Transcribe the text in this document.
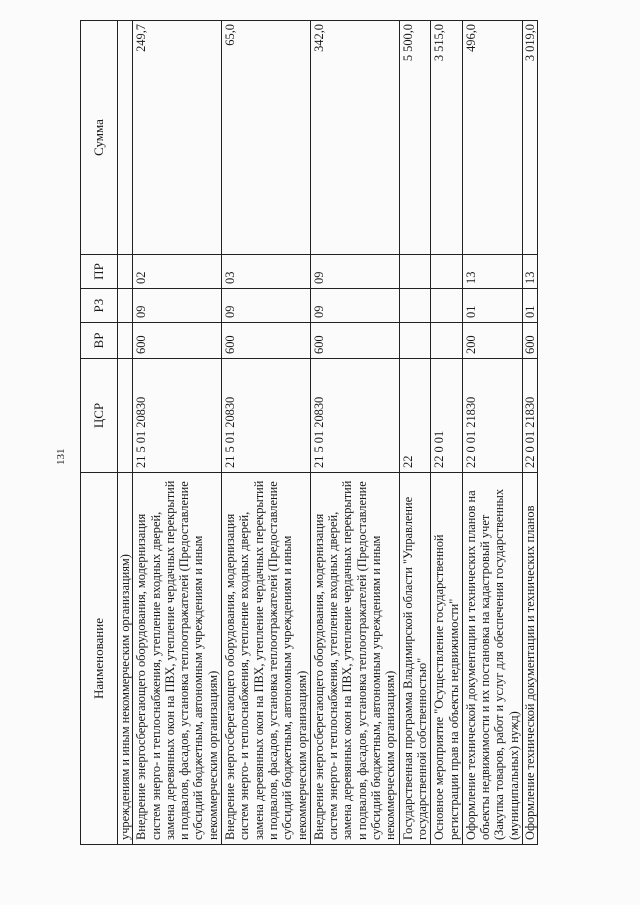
131
Наименование	ЦСР	ВР	РЗ	ПР	Сумма
учреждениям и иным некоммерческим организациям)					
Внедрение энергосберегающего оборудования, модернизация систем энерго- и теплоснабжения, утепление входных дверей, замена деревянных окон на ПВХ, утепление чердачных перекрытий и подвалов, фасадов, установка теплоотражателей (Предоставление субсидий бюджетным, автономным учреждениям и иным некоммерческим организациям)	21 5 01 20830	600	09	02	249,7
Внедрение энергосберегающего оборудования, модернизация систем энерго- и теплоснабжения, утепление входных дверей, замена деревянных окон на ПВХ, утепление чердачных перекрытий и подвалов, фасадов, установка теплоотражателей (Предоставление субсидий бюджетным, автономным учреждениям и иным некоммерческим организациям)	21 5 01 20830	600	09	03	65,0
Внедрение энергосберегающего оборудования, модернизация систем энерго- и теплоснабжения, утепление входных дверей, замена деревянных окон на ПВХ, утепление чердачных перекрытий и подвалов, фасадов, установка теплоотражателей (Предоставление субсидий бюджетным, автономным учреждениям и иным некоммерческим организациям)	21 5 01 20830	600	09	09	342,0
Государственная программа Владимирской области "Управление государственной собственностью"	22				5 500,0
Основное мероприятие "Осуществление государственной регистрации прав на объекты недвижимости"	22 0 01				3 515,0
Оформление технической документации и технических планов на объекты недвижимости и их постановка на кадастровый учет (Закупка товаров, работ и услуг для обеспечения государственных (муниципальных) нужд)	22 0 01 21830	200	01	13	496,0
Оформление технической документации и технических планов	22 0 01 21830	600	01	13	3 019,0
